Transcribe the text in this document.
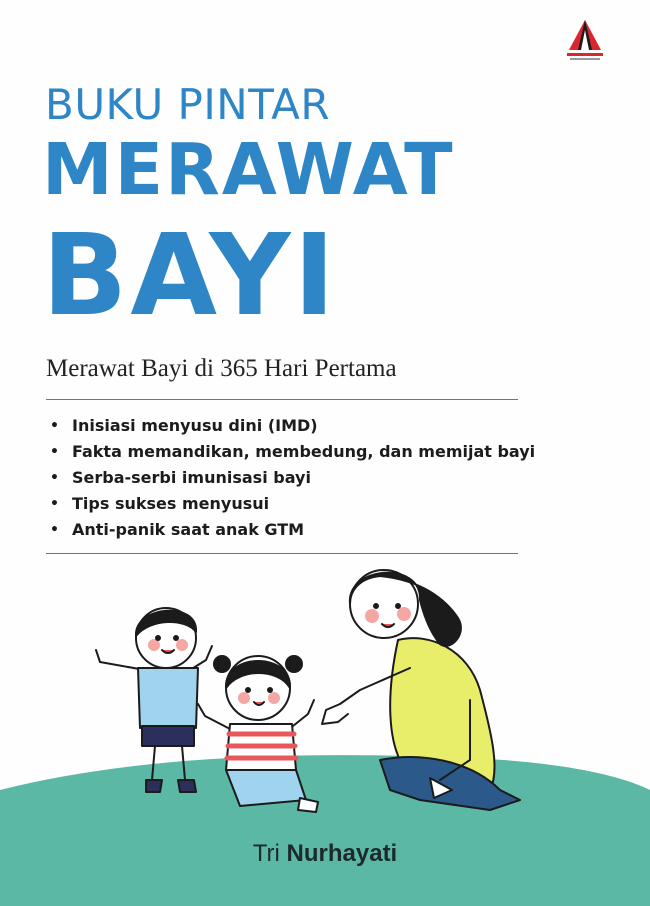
BUKU PINTAR
MERAWAT
BAYI

Merawat Bayi di 365 Hari Pertama

• Inisiasi menyusu dini (IMD)
• Fakta memandikan, membedung, dan memijat bayi
• Serba-serbi imunisasi bayi
• Tips sukses menyusui
• Anti-panik saat anak GTM
Tri Nurhayati
